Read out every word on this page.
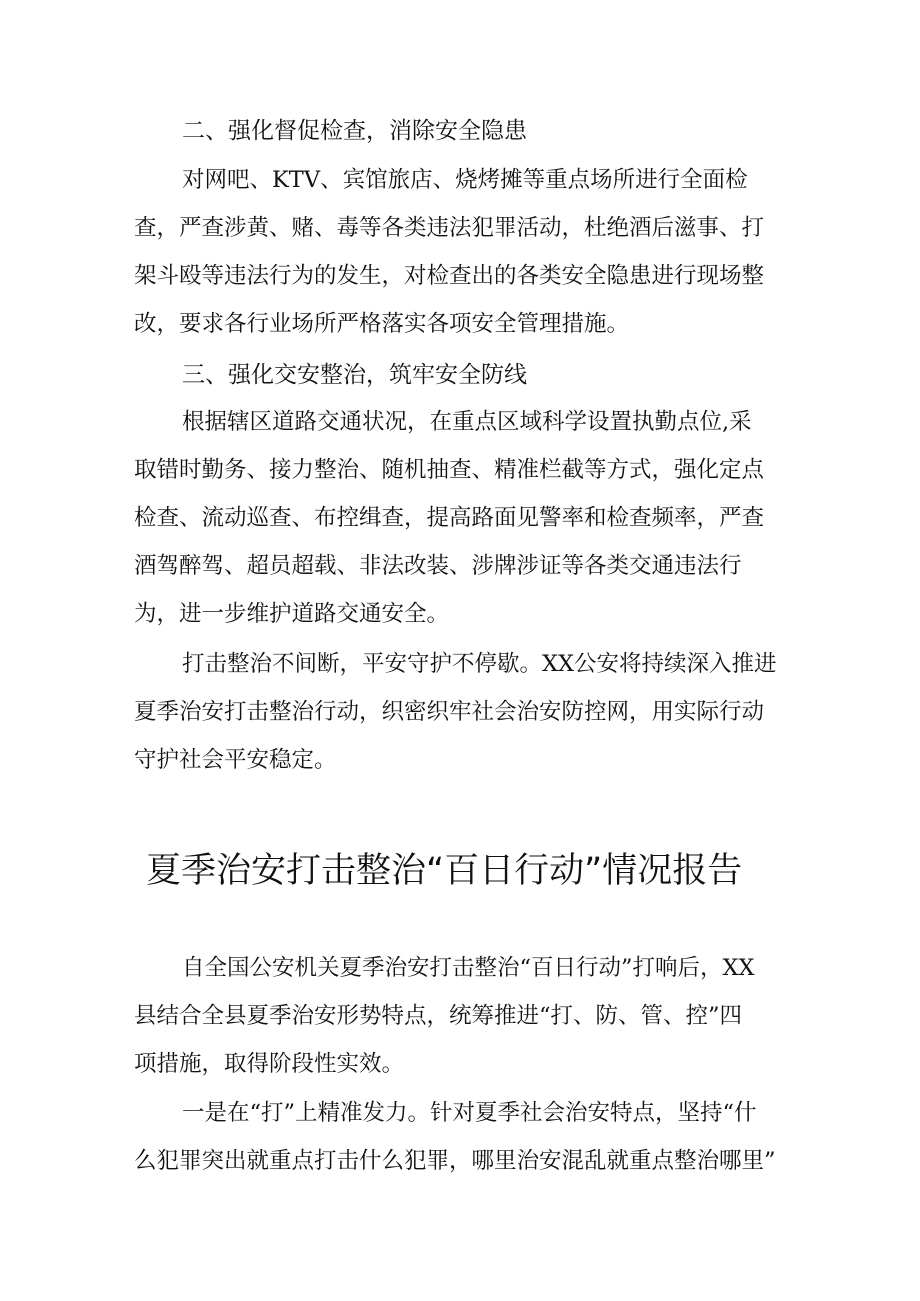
二、强化督促检查，消除安全隐患
对网吧、KTV、宾馆旅店、烧烤摊等重点场所进行全面检
查，严查涉黄、赌、毒等各类违法犯罪活动，杜绝酒后滋事、打
架斗殴等违法行为的发生，对检查出的各类安全隐患进行现场整
改，要求各行业场所严格落实各项安全管理措施。
三、强化交安整治，筑牢安全防线
根据辖区道路交通状况，在重点区域科学设置执勤点位,采
取错时勤务、接力整治、随机抽查、精准栏截等方式，强化定点
检查、流动巡查、布控缉查，提高路面见警率和检查频率，严查
酒驾醉驾、超员超载、非法改装、涉牌涉证等各类交通违法行
为，进一步维护道路交通安全。
打击整治不间断，平安守护不停歇。XX公安将持续深入推进
夏季治安打击整治行动，织密织牢社会治安防控网，用实际行动
守护社会平安稳定。
夏季治安打击整治“百日行动”情况报告
自全国公安机关夏季治安打击整治“百日行动”打响后，XX
县结合全县夏季治安形势特点，统筹推进“打、防、管、控”四
项措施，取得阶段性实效。
一是在“打”上精准发力。针对夏季社会治安特点，坚持“什
么犯罪突出就重点打击什么犯罪，哪里治安混乱就重点整治哪里”
